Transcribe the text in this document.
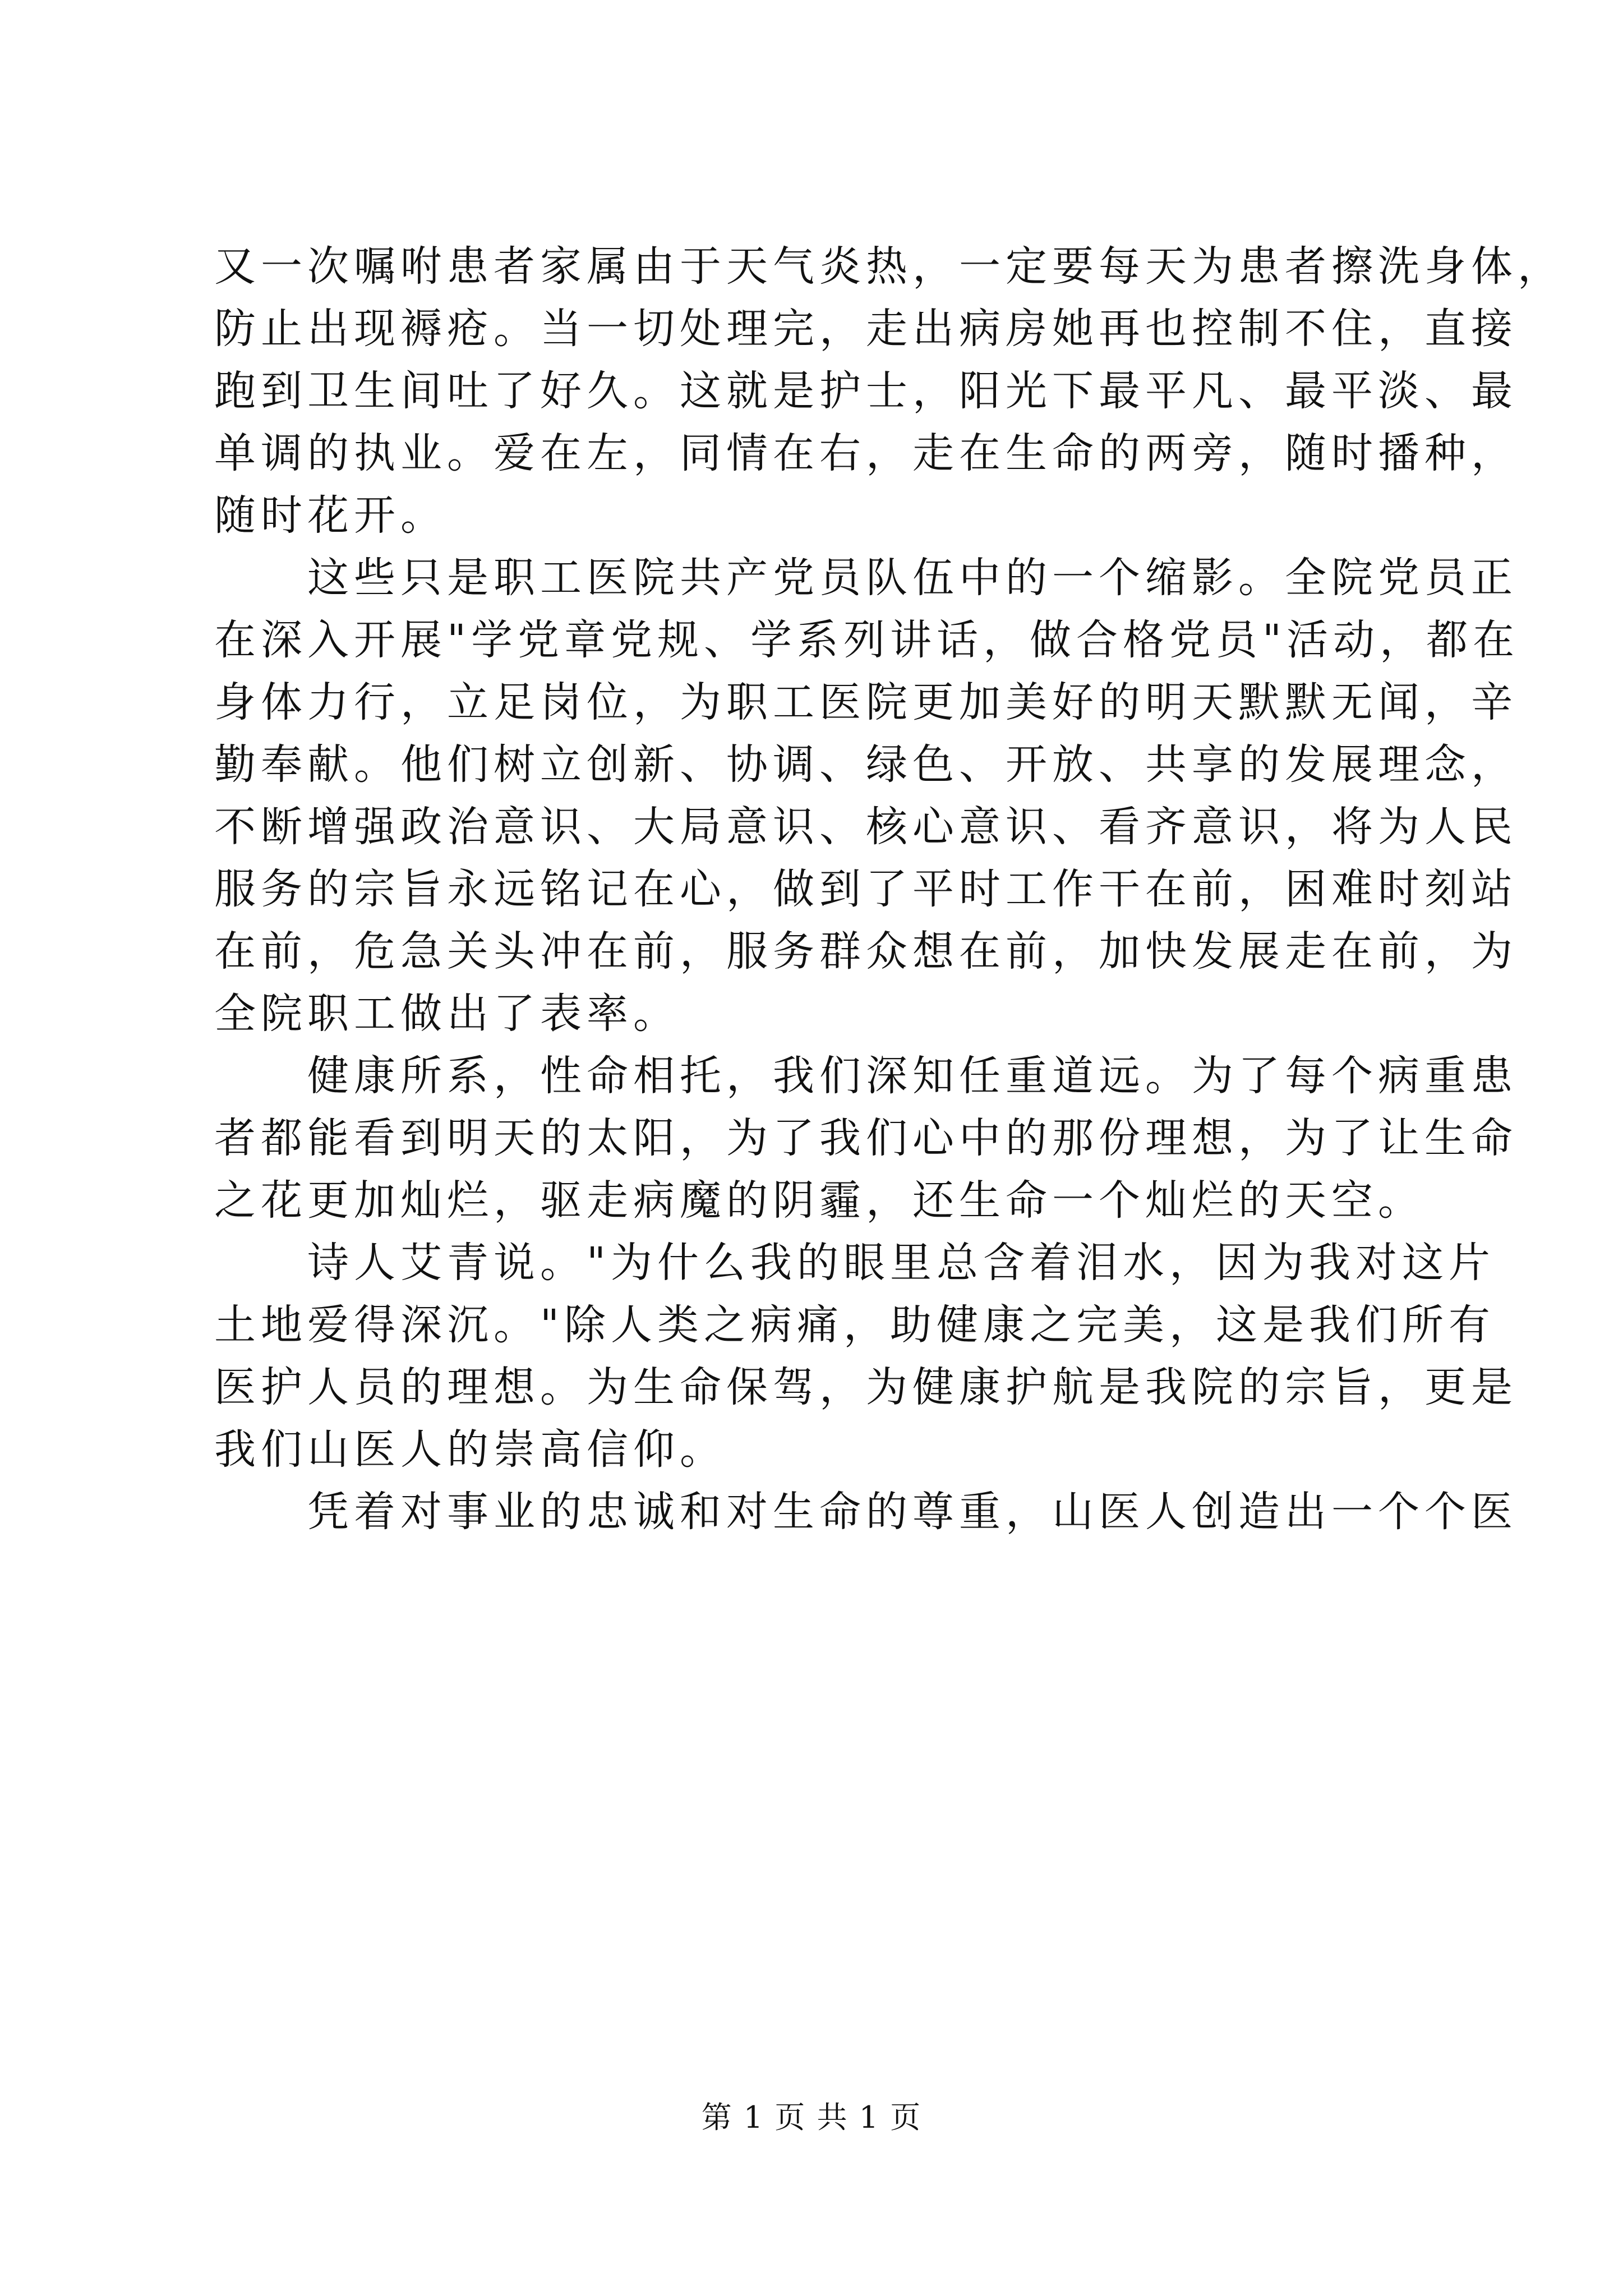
又一次嘱咐患者家属由于天气炎热，一定要每天为患者擦洗身体，
防止出现褥疮。当一切处理完，走出病房她再也控制不住，直接
跑到卫生间吐了好久。这就是护士，阳光下最平凡、最平淡、最
单调的执业。爱在左，同情在右，走在生命的两旁，随时播种，
随时花开。
这些只是职工医院共产党员队伍中的一个缩影。全院党员正
在深入开展"学党章党规、学系列讲话，做合格党员"活动，都在
身体力行，立足岗位，为职工医院更加美好的明天默默无闻，辛
勤奉献。他们树立创新、协调、绿色、开放、共享的发展理念，
不断增强政治意识、大局意识、核心意识、看齐意识，将为人民
服务的宗旨永远铭记在心，做到了平时工作干在前，困难时刻站
在前，危急关头冲在前，服务群众想在前，加快发展走在前，为
全院职工做出了表率。
健康所系，性命相托，我们深知任重道远。为了每个病重患
者都能看到明天的太阳，为了我们心中的那份理想，为了让生命
之花更加灿烂，驱走病魔的阴霾，还生命一个灿烂的天空。
诗人艾青说。"为什么我的眼里总含着泪水，因为我对这片
土地爱得深沉。"除人类之病痛，助健康之完美，这是我们所有
医护人员的理想。为生命保驾，为健康护航是我院的宗旨，更是
我们山医人的崇高信仰。
凭着对事业的忠诚和对生命的尊重，山医人创造出一个个医
第 1 页 共 1 页
